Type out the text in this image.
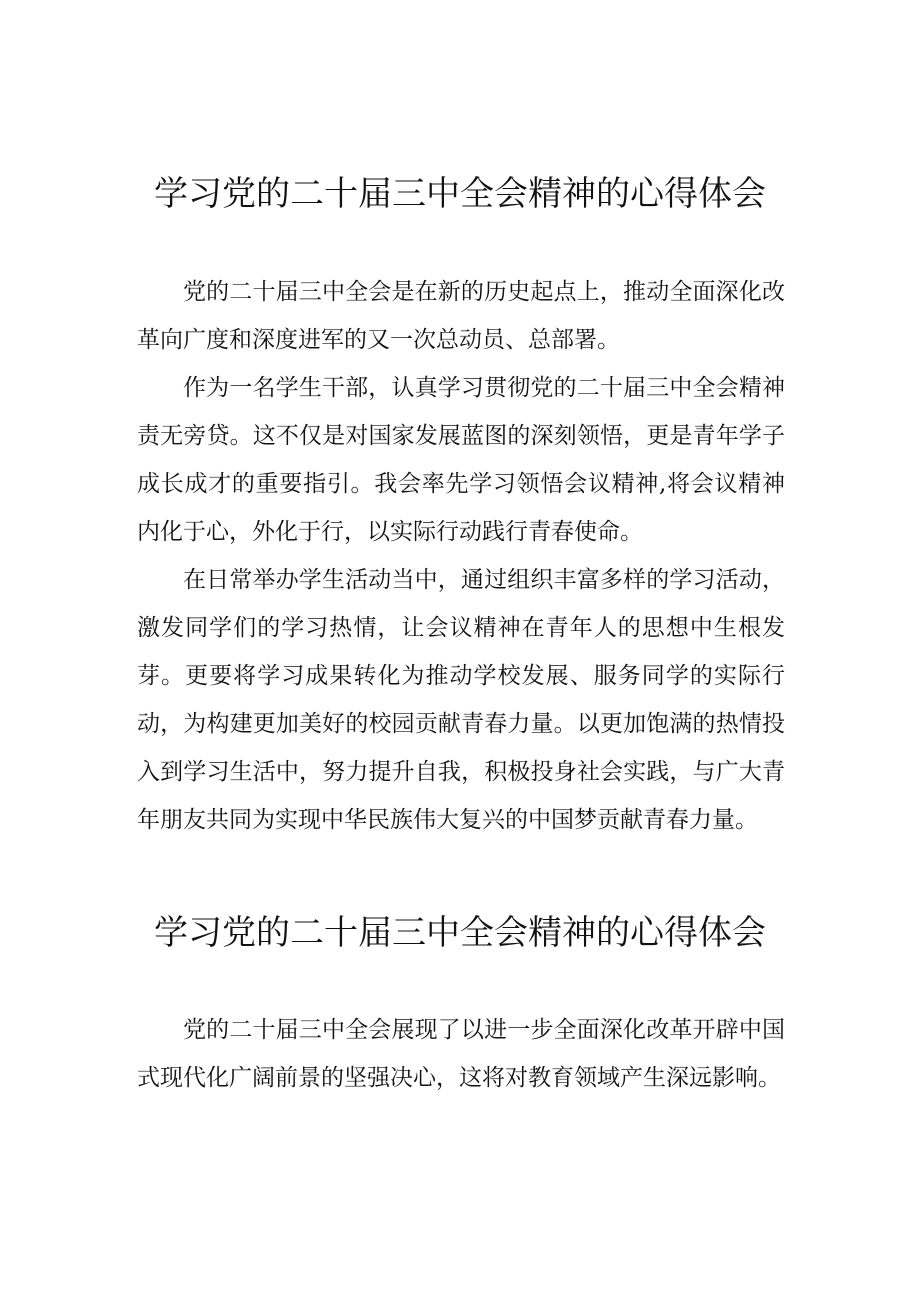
学习党的二十届三中全会精神的心得体会

党的二十届三中全会是在新的历史起点上，推动全面深化改革向广度和深度进军的又一次总动员、总部署。

作为一名学生干部，认真学习贯彻党的二十届三中全会精神责无旁贷。这不仅是对国家发展蓝图的深刻领悟，更是青年学子成长成才的重要指引。我会率先学习领悟会议精神,将会议精神内化于心，外化于行，以实际行动践行青春使命。

在日常举办学生活动当中，通过组织丰富多样的学习活动，激发同学们的学习热情，让会议精神在青年人的思想中生根发芽。更要将学习成果转化为推动学校发展、服务同学的实际行动，为构建更加美好的校园贡献青春力量。以更加饱满的热情投入到学习生活中，努力提升自我，积极投身社会实践，与广大青年朋友共同为实现中华民族伟大复兴的中国梦贡献青春力量。

学习党的二十届三中全会精神的心得体会

党的二十届三中全会展现了以进一步全面深化改革开辟中国式现代化广阔前景的坚强决心，这将对教育领域产生深远影响。
